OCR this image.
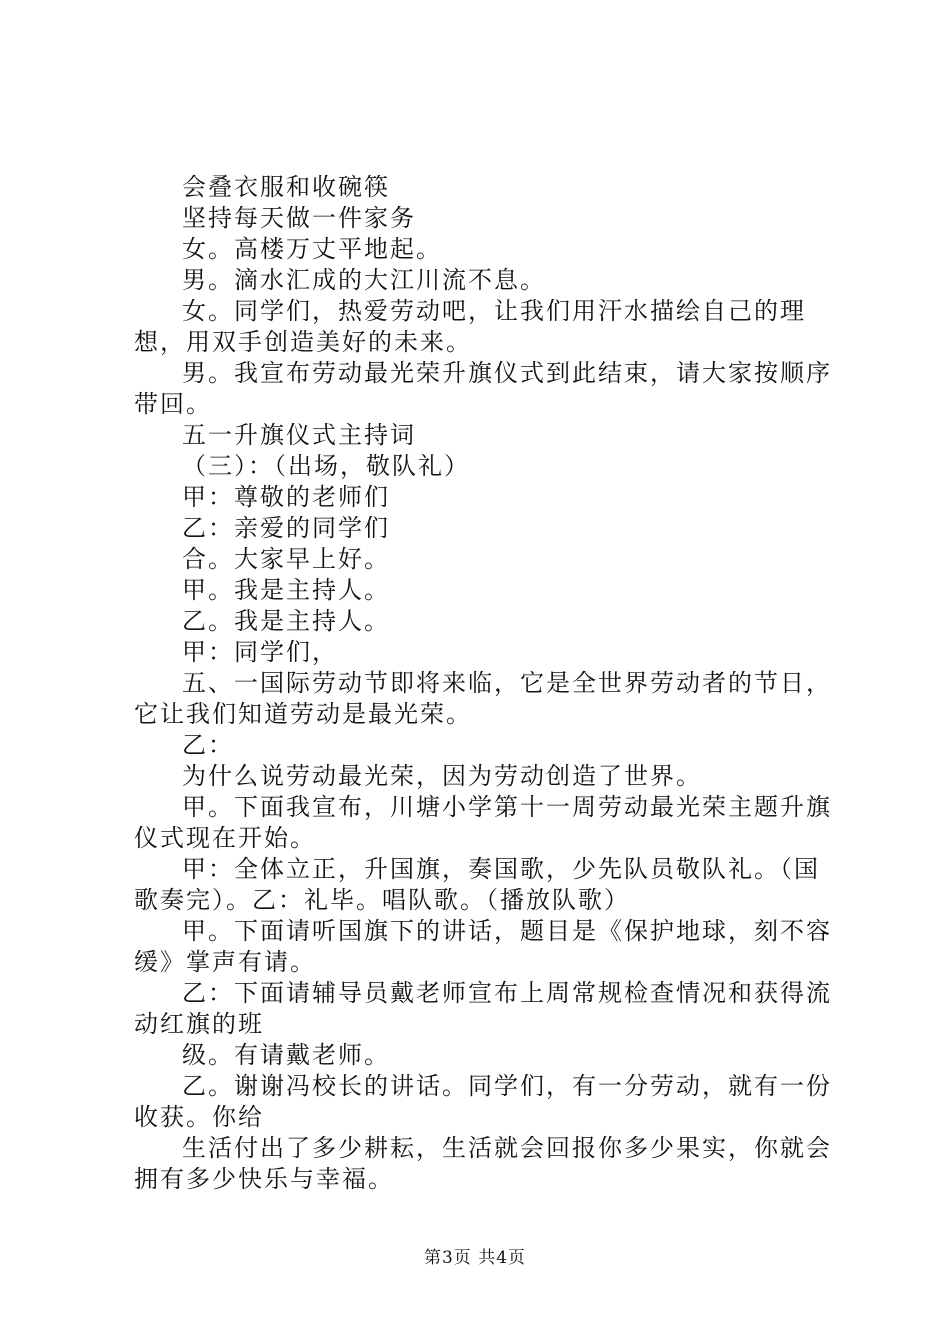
会叠衣服和收碗筷

坚持每天做一件家务

女。高楼万丈平地起。

男。滴水汇成的大江川流不息。

女。同学们，热爱劳动吧，让我们用汗水描绘自己的理想，用双手创造美好的未来。

男。我宣布劳动最光荣升旗仪式到此结束，请大家按顺序带回。

五一升旗仪式主持词

（三）：（出场，敬队礼）

甲：尊敬的老师们

乙：亲爱的同学们

合。大家早上好。

甲。我是主持人。

乙。我是主持人。

甲：同学们，

五、一国际劳动节即将来临，它是全世界劳动者的节日，它让我们知道劳动是最光荣。

乙：

为什么说劳动最光荣，因为劳动创造了世界。

甲。下面我宣布，川塘小学第十一周劳动最光荣主题升旗仪式现在开始。

甲：全体立正，升国旗，奏国歌，少先队员敬队礼。（国歌奏完）。乙：礼毕。唱队歌。（播放队歌）

甲。下面请听国旗下的讲话，题目是《保护地球，刻不容缓》掌声有请。

乙：下面请辅导员戴老师宣布上周常规检查情况和获得流动红旗的班

级。有请戴老师。

乙。谢谢冯校长的讲话。同学们，有一分劳动，就有一份收获。你给

生活付出了多少耕耘，生活就会回报你多少果实，你就会拥有多少快乐与幸福。

第3页 共4页
